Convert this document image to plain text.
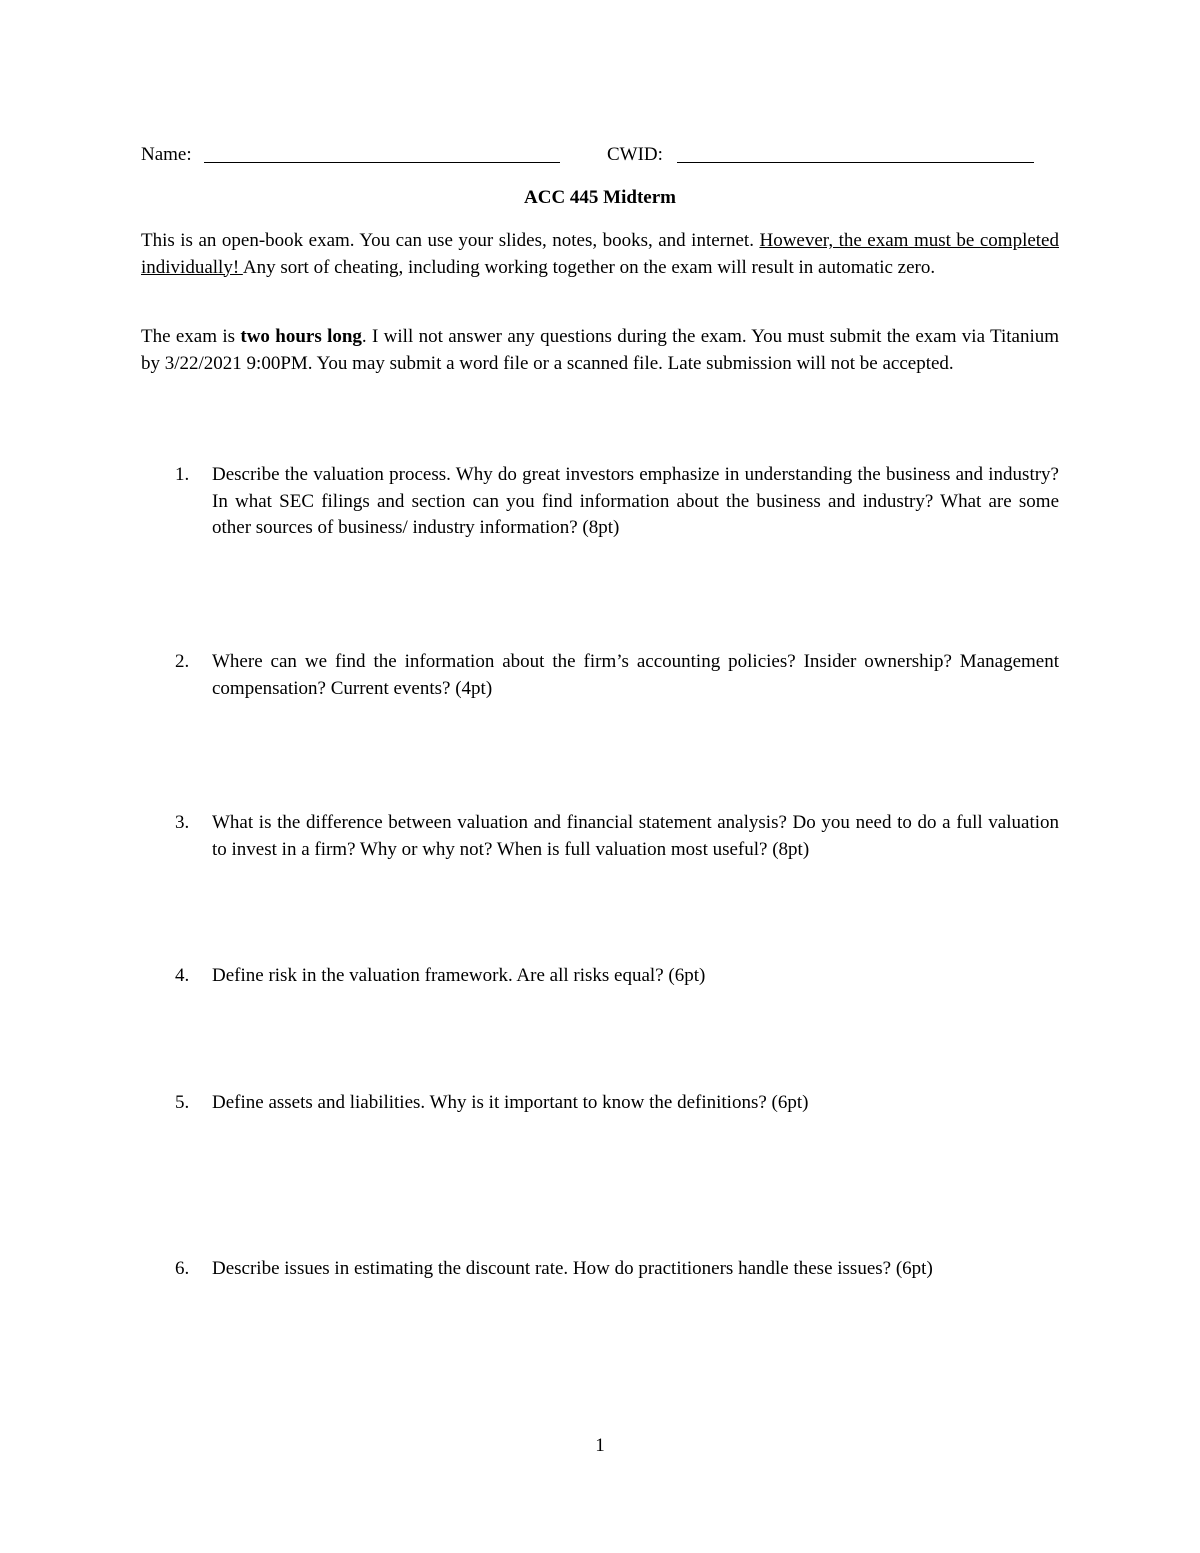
Name:	CWID:
ACC 445 Midterm

This is an open-book exam. You can use your slides, notes, books, and internet. However, the exam must be completed individually! Any sort of cheating, including working together on the exam will result in automatic zero.

The exam is two hours long. I will not answer any questions during the exam. You must submit the exam via Titanium by 3/22/2021 9:00PM. You may submit a word file or a scanned file. Late submission will not be accepted.

1. Describe the valuation process. Why do great investors emphasize in understanding the business and industry? In what SEC filings and section can you find information about the business and industry? What are some other sources of business/ industry information? (8pt)
2. Where can we find the information about the firm’s accounting policies? Insider ownership? Management compensation? Current events? (4pt)
3. What is the difference between valuation and financial statement analysis? Do you need to do a full valuation to invest in a firm? Why or why not? When is full valuation most useful? (8pt)
4. Define risk in the valuation framework. Are all risks equal? (6pt)
5. Define assets and liabilities. Why is it important to know the definitions? (6pt)
6. Describe issues in estimating the discount rate. How do practitioners handle these issues? (6pt)
1
